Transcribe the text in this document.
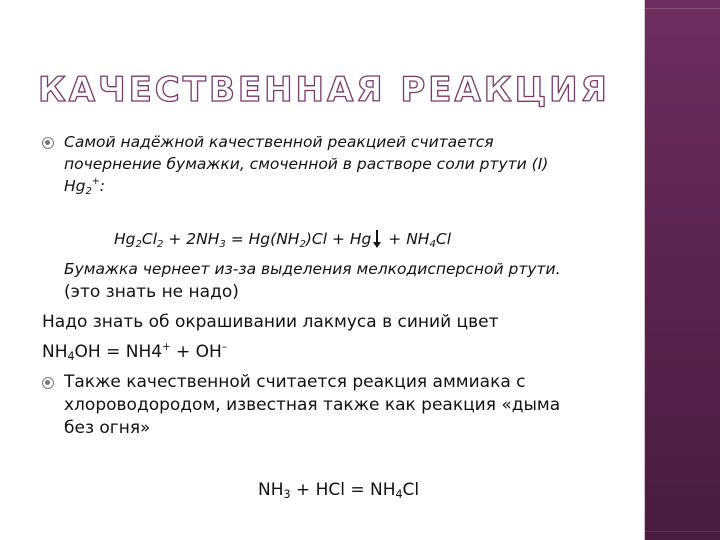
КАЧЕСТВЕННАЯ РЕАКЦИЯ
Самой надёжной качественной реакцией считается
почернение бумажки, смоченной в растворе соли ртути (I)
$Hg_2^+$:
$Hg_2Cl_2 + 2NH_3 = Hg(NH_2)Cl + Hg + NH_4Cl$
Бумажка чернеет из-за выделения мелкодисперсной ртути.
(это знать не надо)
Надо знать об окрашивании лакмуса в синий цвет
$NH_4OH = NH4^+ + OH^-$
Также качественной считается реакция аммиака с
хлороводородом, известная также как реакция «дыма
без огня»
$NH_3$ + HCl = $NH_4Cl$
